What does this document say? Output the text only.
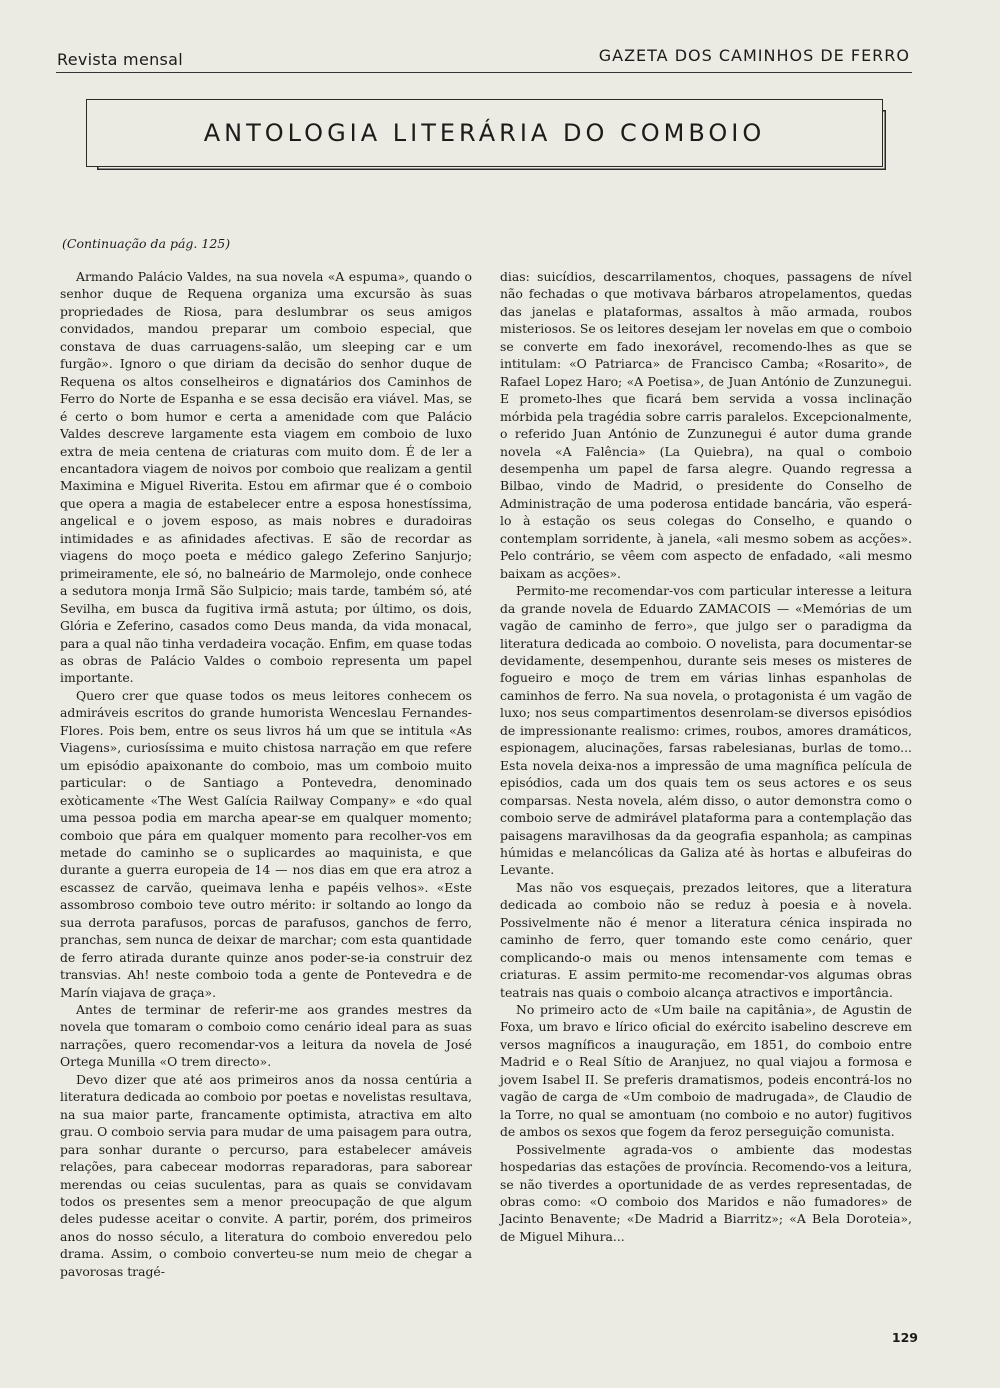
Revista mensal	GAZETA DOS CAMINHOS DE FERRO
ANTOLOGIA LITERÁRIA DO COMBOIO
(Continuação da pág. 125)

Armando Palácio Valdes, na sua novela «A espuma», quando o senhor duque de Requena organiza uma excursão às suas propriedades de Riosa, para deslumbrar os seus amigos convidados, mandou preparar um comboio especial, que constava de duas carruagens-salão, um sleeping car e um furgão». Ignoro o que diriam da decisão do senhor duque de Requena os altos conselheiros e dignatários dos Caminhos de Ferro do Norte de Espanha e se essa decisão era viável. Mas, se é certo o bom humor e certa a amenidade com que Palácio Valdes descreve largamente esta viagem em comboio de luxo extra de meia centena de criaturas com muito dom. É de ler a encantadora viagem de noivos por comboio que realizam a gentil Maximina e Miguel Riverita. Estou em afirmar que é o comboio que opera a magia de estabelecer entre a esposa honestíssima, angelical e o jovem esposo, as mais nobres e duradoiras intimidades e as afinidades afectivas. E são de recordar as viagens do moço poeta e médico galego Zeferino Sanjurjo; primeiramente, ele só, no balneário de Marmolejo, onde conhece a sedutora monja Irmã São Sulpicio; mais tarde, também só, até Sevilha, em busca da fugitiva irmã astuta; por último, os dois, Glória e Zeferino, casados como Deus manda, da vida monacal, para a qual não tinha verdadeira vocação. Enfim, em quase todas as obras de Palácio Valdes o comboio representa um papel importante.

Quero crer que quase todos os meus leitores conhecem os admiráveis escritos do grande humorista Wenceslau Fernandes-Flores. Pois bem, entre os seus livros há um que se intitula «As Viagens», curiosíssima e muito chistosa narração em que refere um episódio apaixonante do comboio, mas um comboio muito particular: o de Santiago a Pontevedra, denominado exòticamente «The West Galícia Railway Company» e «do qual uma pessoa podia em marcha apear-se em qualquer momento; comboio que pára em qualquer momento para recolher-vos em metade do caminho se o suplicardes ao maquinista, e que durante a guerra europeia de 14 — nos dias em que era atroz a escassez de carvão, queimava lenha e papéis velhos». «Este assombroso comboio teve outro mérito: ir soltando ao longo da sua derrota parafusos, porcas de parafusos, ganchos de ferro, pranchas, sem nunca de deixar de marchar; com esta quantidade de ferro atirada durante quinze anos poder-se-ia construir dez transvias. Ah! neste comboio toda a gente de Pontevedra e de Marín viajava de graça».

Antes de terminar de referir-me aos grandes mestres da novela que tomaram o comboio como cenário ideal para as suas narrações, quero recomendar-vos a leitura da novela de José Ortega Munilla «O trem directo».

Devo dizer que até aos primeiros anos da nossa centúria a literatura dedicada ao comboio por poetas e novelistas resultava, na sua maior parte, francamente optimista, atractiva em alto grau. O comboio servia para mudar de uma paisagem para outra, para sonhar durante o percurso, para estabelecer amáveis relações, para cabecear modorras reparadoras, para saborear merendas ou ceias suculentas, para as quais se convidavam todos os presentes sem a menor preocupação de que algum deles pudesse aceitar o convite. A partir, porém, dos primeiros anos do nosso século, a literatura do comboio enveredou pelo drama. Assim, o comboio converteu-se num meio de chegar a pavorosas tragé-

dias: suicídios, descarrilamentos, choques, passagens de nível não fechadas o que motivava bárbaros atropelamentos, quedas das janelas e plataformas, assaltos à mão armada, roubos misteriosos. Se os leitores desejam ler novelas em que o comboio se converte em fado inexorável, recomendo-lhes as que se intitulam: «O Patriarca» de Francisco Camba; «Rosarito», de Rafael Lopez Haro; «A Poetisa», de Juan António de Zunzunegui. E prometo-lhes que ficará bem servida a vossa inclinação mórbida pela tragédia sobre carris paralelos. Excepcionalmente, o referido Juan António de Zunzunegui é autor duma grande novela «A Falência» (La Quiebra), na qual o comboio desempenha um papel de farsa alegre. Quando regressa a Bilbao, vindo de Madrid, o presidente do Conselho de Administração de uma poderosa entidade bancária, vão esperá-lo à estação os seus colegas do Conselho, e quando o contemplam sorridente, à janela, «ali mesmo sobem as acções». Pelo contrário, se vêem com aspecto de enfadado, «ali mesmo baixam as acções».

Permito-me recomendar-vos com particular interesse a leitura da grande novela de Eduardo ZAMACOIS — «Memórias de um vagão de caminho de ferro», que julgo ser o paradigma da literatura dedicada ao comboio. O novelista, para documentar-se devidamente, desempenhou, durante seis meses os misteres de fogueiro e moço de trem em várias linhas espanholas de caminhos de ferro. Na sua novela, o protagonista é um vagão de luxo; nos seus compartimentos desenrolam-se diversos episódios de impressionante realismo: crimes, roubos, amores dramáticos, espionagem, alucinações, farsas rabelesianas, burlas de tomo... Esta novela deixa-nos a impressão de uma magnífica película de episódios, cada um dos quais tem os seus actores e os seus comparsas. Nesta novela, além disso, o autor demonstra como o comboio serve de admirável plataforma para a contemplação das paisagens maravilhosas da da geografia espanhola; as campinas húmidas e melancólicas da Galiza até às hortas e albufeiras do Levante.

Mas não vos esqueçais, prezados leitores, que a literatura dedicada ao comboio não se reduz à poesia e à novela. Possivelmente não é menor a literatura cénica inspirada no caminho de ferro, quer tomando este como cenário, quer complicando-o mais ou menos intensamente com temas e criaturas. E assim permito-me recomendar-vos algumas obras teatrais nas quais o comboio alcança atractivos e importância.

No primeiro acto de «Um baile na capitânia», de Agustin de Foxa, um bravo e lírico oficial do exército isabelino descreve em versos magníficos a inauguração, em 1851, do comboio entre Madrid e o Real Sítio de Aranjuez, no qual viajou a formosa e jovem Isabel II. Se preferis dramatismos, podeis encontrá-los no vagão de carga de «Um comboio de madrugada», de Claudio de la Torre, no qual se amontuam (no comboio e no autor) fugitivos de ambos os sexos que fogem da feroz perseguição comunista.

Possivelmente agrada-vos o ambiente das modestas hospedarias das estações de província. Recomendo-vos a leitura, se não tiverdes a oportunidade de as verdes representadas, de obras como: «O comboio dos Maridos e não fumadores» de Jacinto Benavente; «De Madrid a Biarritz»; «A Bela Doroteia», de Miguel Mihura...

129
